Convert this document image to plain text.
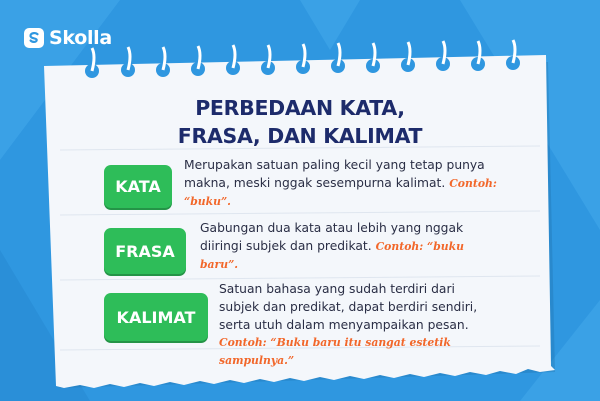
Skolla
PERBEDAAN KATA,
FRASA, DAN KALIMAT
KATA
Merupakan satuan paling kecil yang tetap punya
makna, meski nggak sesempurna kalimat. Contoh:
“buku”.
FRASA
Gabungan dua kata atau lebih yang nggak
diiringi subjek dan predikat. Contoh: “buku
baru”.
KALIMAT
Satuan bahasa yang sudah terdiri dari
subjek dan predikat, dapat berdiri sendiri,
serta utuh dalam menyampaikan pesan.
Contoh: “Buku baru itu sangat estetik sampulnya.”
